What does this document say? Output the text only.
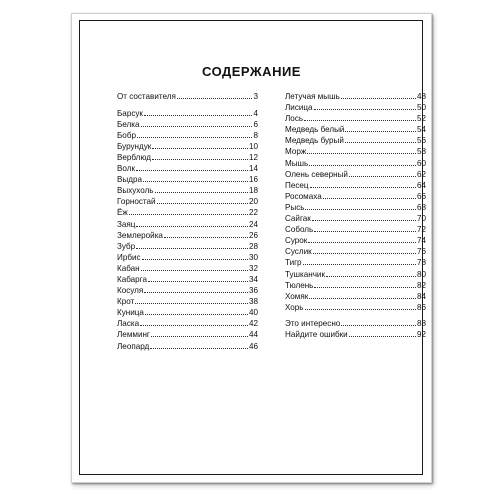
СОДЕРЖАНИЕ
От составителя	3
Барсук	4
Белка	6
Бобр	8
Бурундук	10
Верблюд	12
Волк	14
Выдра	16
Выхухоль	18
Горностай	20
Ёж	22
Заяц	24
Землеройка	26
Зубр	28
Ирбис	30
Кабан	32
Кабарга	34
Косуля	36
Крот	38
Куница	40
Ласка	42
Лемминг	44
Леопард	46
Летучая мышь	48
Лисица	50
Лось	52
Медведь белый	54
Медведь бурый	56
Морж	58
Мышь	60
Олень северный	62
Песец	64
Росомаха	66
Рысь	68
Сайгак	70
Соболь	72
Сурок	74
Суслик	76
Тигр	78
Тушканчик	80
Тюлень	82
Хомяк	84
Хорь	86
Это интересно	88
Найдите ошибки	92
